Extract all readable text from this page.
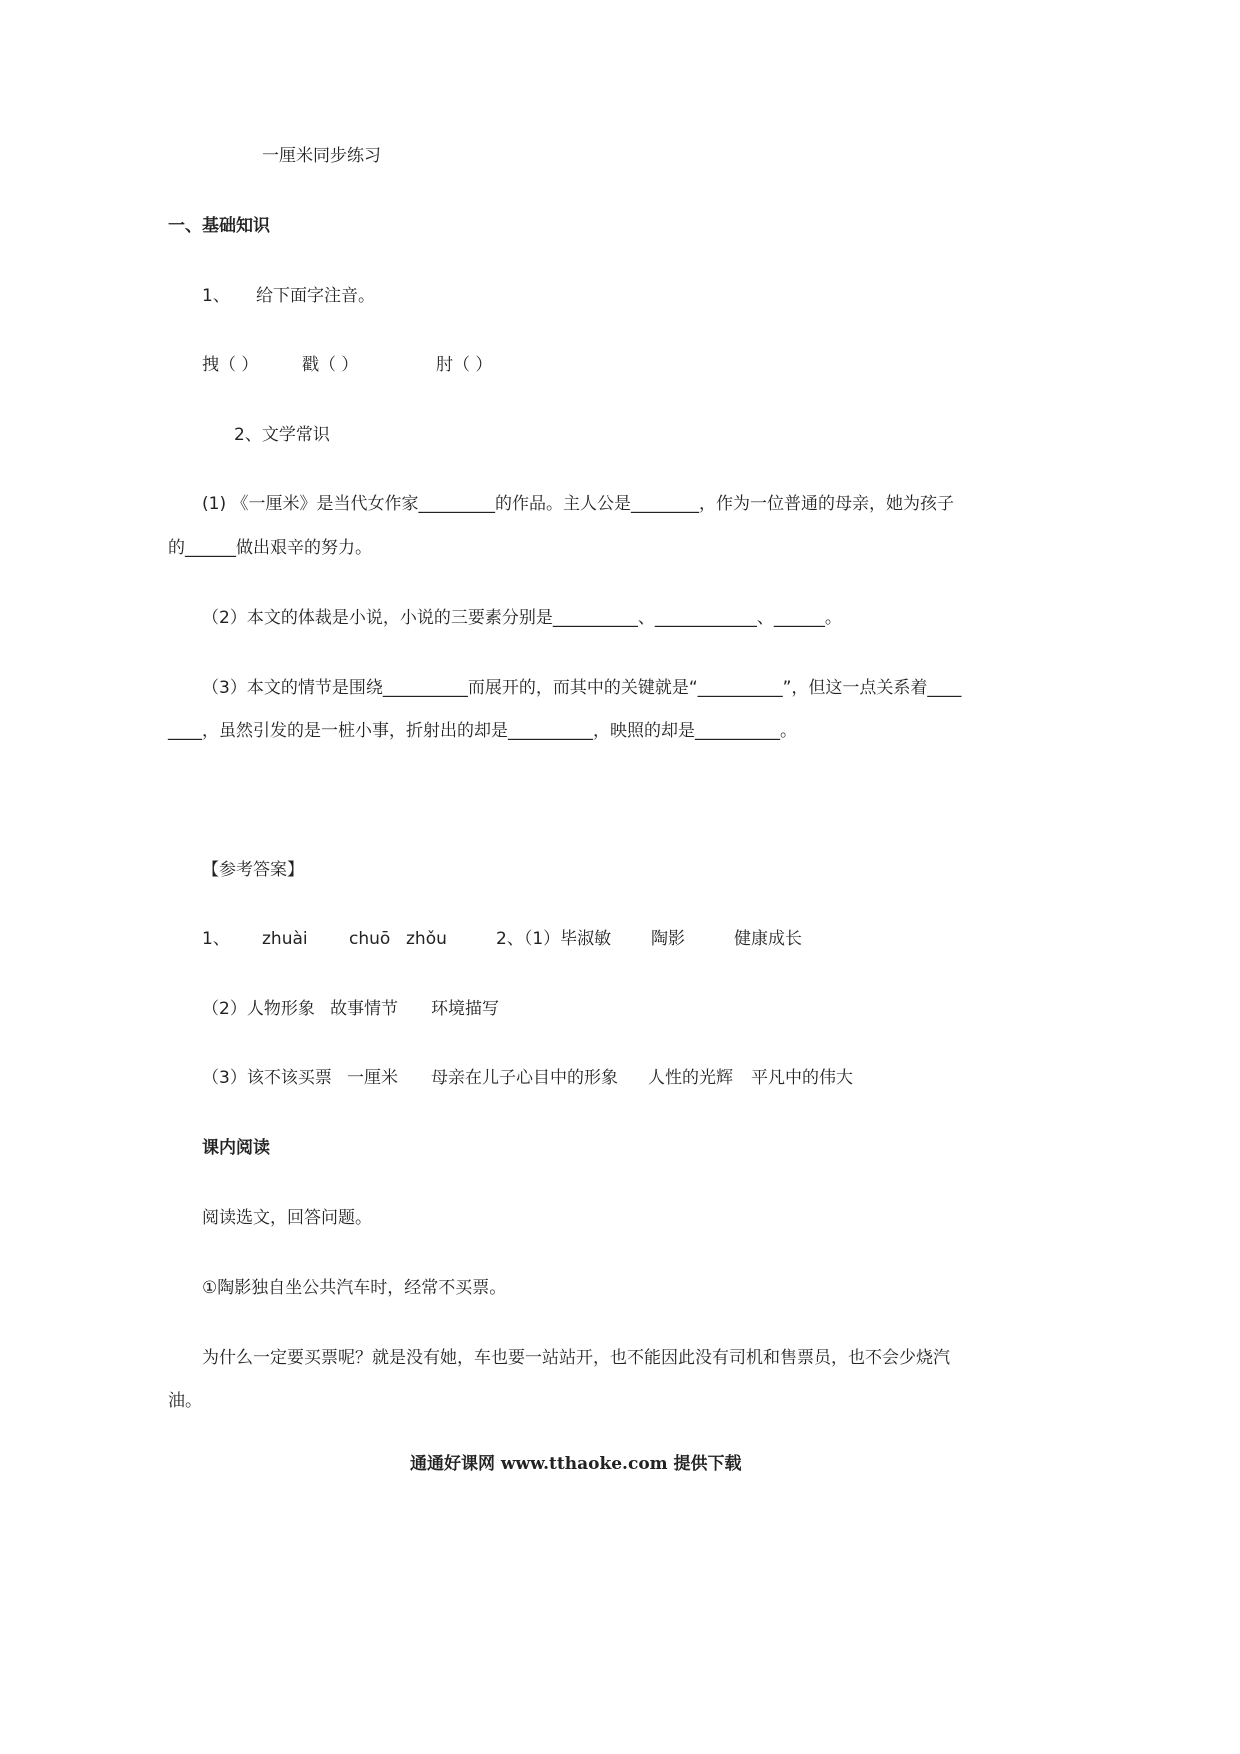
一厘米同步练习
一、基础知识
1、 给下面字注音。
拽（ ）	戳（ ）	肘（ ）
2、文学常识
(1) 《一厘米》是当代女作家_________的作品。主人公是________，作为一位普通的母亲，她为孩子
的______做出艰辛的努力。
（2）本文的体裁是小说，小说的三要素分别是__________、____________、______。
（3）本文的情节是围绕__________而展开的，而其中的关键就是“__________”，但这一点关系着____
____，虽然引发的是一桩小事，折射出的却是__________，映照的却是__________。
【参考答案】
1、 zhuài chuō zhǒu	2、（1）毕淑敏 陶影	健康成长
（2）人物形象 故事情节 环境描写
（3）该不该买票 一厘米 母亲在儿子心目中的形象 人性的光辉 平凡中的伟大
课内阅读
阅读选文，回答问题。
①陶影独自坐公共汽车时，经常不买票。
为什么一定要买票呢？就是没有她，车也要一站站开，也不能因此没有司机和售票员，也不会少烧汽
油。
通通好课网 www.tthaoke.com 提供下载
